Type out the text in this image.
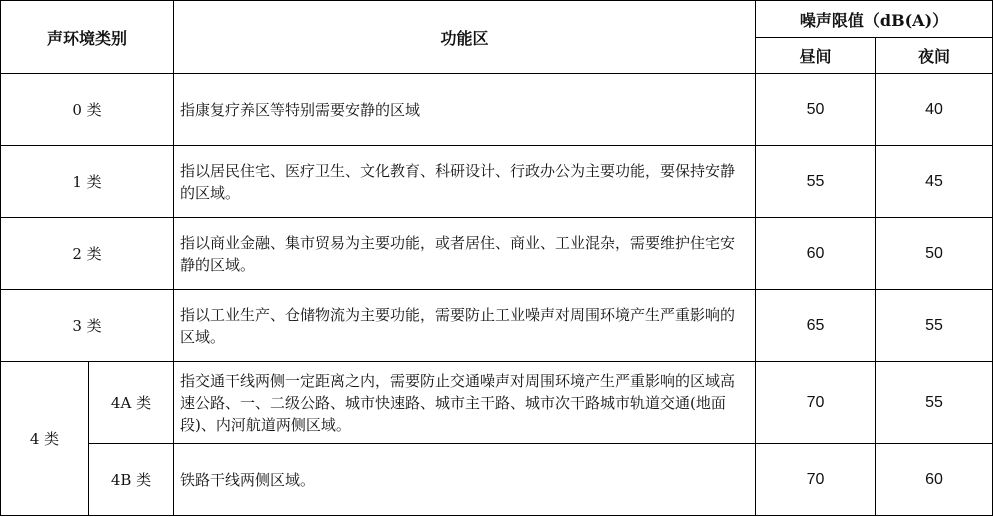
声环境类别		功能区	噪声限值（dB(A)）	
			昼间	夜间
0 类		指康复疗养区等特别需要安静的区域	50	40
1 类		指以居民住宅、医疗卫生、文化教育、科研设计、行政办公为主要功能，要保持安静的区域。	55	45
2 类		指以商业金融、集市贸易为主要功能，或者居住、商业、工业混杂，需要维护住宅安静的区域。	60	50
3 类		指以工业生产、仓储物流为主要功能，需要防止工业噪声对周围环境产生严重影响的区域。	65	55
4 类	4A 类	指交通干线两侧一定距离之内，需要防止交通噪声对周围环境产生严重影响的区域高速公路、一、二级公路、城市快速路、城市主干路、城市次干路城市轨道交通(地面段)、内河航道两侧区域。	70	55
	4B 类	铁路干线两侧区域。	70	60
